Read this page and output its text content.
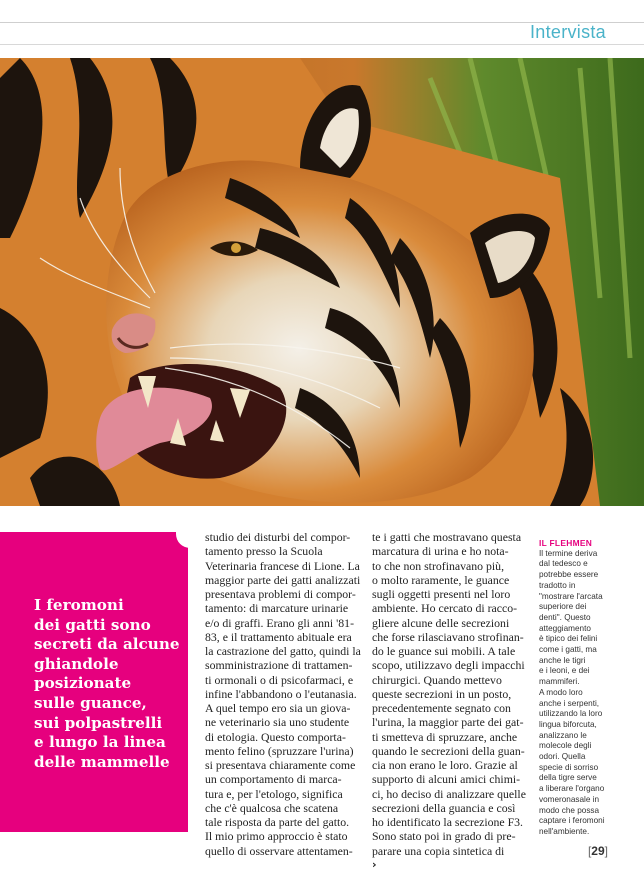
Intervista
I feromoni
dei gatti sono
secreti da alcune
ghiandole
posizionate
sulle guance,
sui polpastrelli
e lungo la linea
delle mammelle
studio dei disturbi del compor-
tamento presso la Scuola
Veterinaria francese di Lione. La
maggior parte dei gatti analizzati
presentava problemi di compor-
tamento: di marcature urinarie
e/o di graffi. Erano gli anni '81-
83, e il trattamento abituale era
la castrazione del gatto, quindi la
somministrazione di trattamen-
ti ormonali o di psicofarmaci, e
infine l'abbandono o l'eutanasia.
A quel tempo ero sia un giova-
ne veterinario sia uno studente
di etologia. Questo comporta-
mento felino (spruzzare l'urina)
si presentava chiaramente come
un comportamento di marca-
tura e, per l'etologo, significa
che c'è qualcosa che scatena
tale risposta da parte del gatto.
Il mio primo approccio è stato
quello di osservare attentamen-
te i gatti che mostravano questa
marcatura di urina e ho nota-
to che non strofinavano più,
o molto raramente, le guance
sugli oggetti presenti nel loro
ambiente. Ho cercato di racco-
gliere alcune delle secrezioni
che forse rilasciavano strofinan-
do le guance sui mobili. A tale
scopo, utilizzavo degli impacchi
chirurgici. Quando mettevo
queste secrezioni in un posto,
precedentemente segnato con
l'urina, la maggior parte dei gat-
ti smetteva di spruzzare, anche
quando le secrezioni della guan-
cia non erano le loro. Grazie al
supporto di alcuni amici chimi-
ci, ho deciso di analizzare quelle
secrezioni della guancia e così
ho identificato la secrezione F3.
Sono stato poi in grado di pre-
parare una copia sintetica di
›
IL FLEHMEN
Il termine deriva
dal tedesco e
potrebbe essere
tradotto in
"mostrare l'arcata
superiore dei
denti". Questo
atteggiamento
è tipico dei felini
come i gatti, ma
anche le tigri
e i leoni, e dei
mammiferi.
A modo loro
anche i serpenti,
utilizzando la loro
lingua biforcuta,
analizzano le
molecole degli
odori. Quella
specie di sorriso
della tigre serve
a liberare l'organo
vomeronasale in
modo che possa
captare i feromoni
nell'ambiente.
[29]
